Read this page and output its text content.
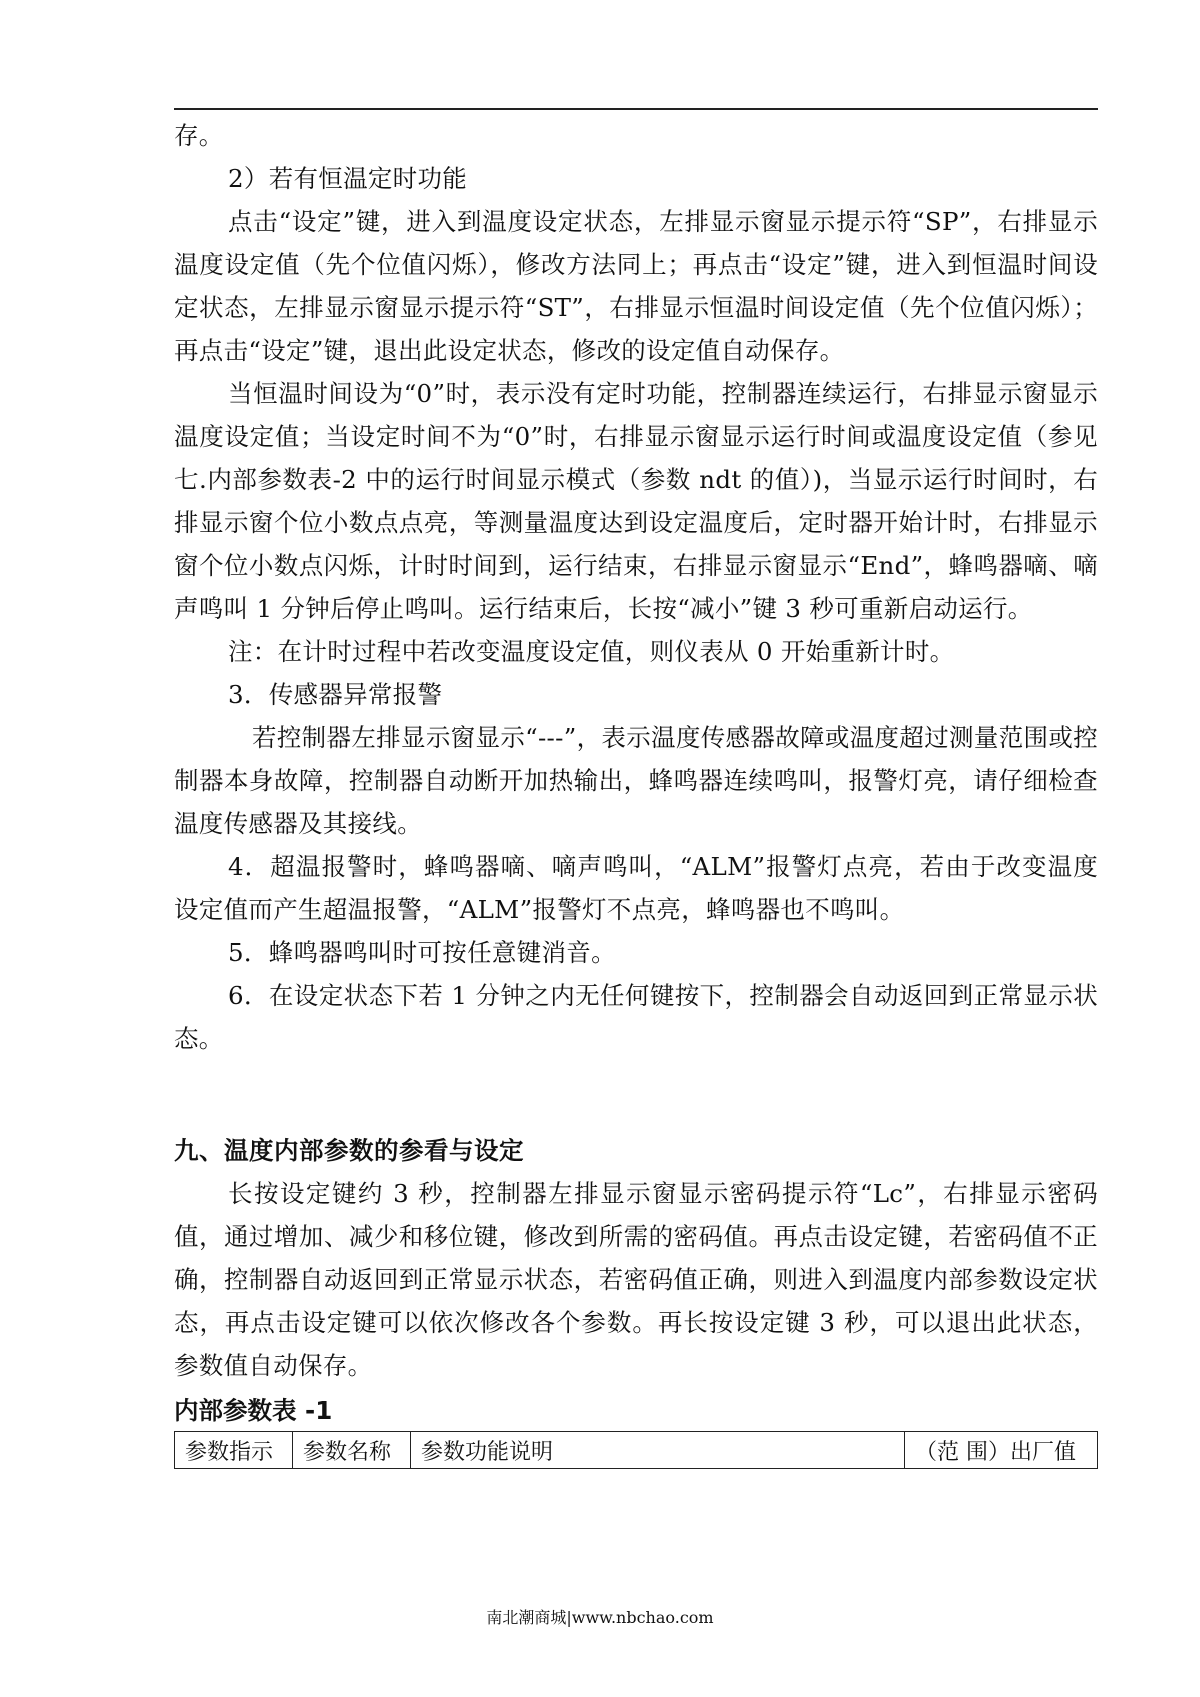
存。

2）若有恒温定时功能

点击“设定”键，进入到温度设定状态，左排显示窗显示提示符“SP”，右排显示温度设定值（先个位值闪烁），修改方法同上；再点击“设定”键，进入到恒温时间设定状态，左排显示窗显示提示符“ST”，右排显示恒温时间设定值（先个位值闪烁）；再点击“设定”键，退出此设定状态，修改的设定值自动保存。

当恒温时间设为“0”时，表示没有定时功能，控制器连续运行，右排显示窗显示温度设定值；当设定时间不为“0”时，右排显示窗显示运行时间或温度设定值（参见七.内部参数表-2 中的运行时间显示模式（参数 ndt 的值）)，当显示运行时间时，右排显示窗个位小数点点亮，等测量温度达到设定温度后，定时器开始计时，右排显示窗个位小数点闪烁，计时时间到，运行结束，右排显示窗显示“End”，蜂鸣器嘀、嘀声鸣叫 1 分钟后停止鸣叫。运行结束后，长按“减小”键 3 秒可重新启动运行。

注：在计时过程中若改变温度设定值，则仪表从 0 开始重新计时。

3．传感器异常报警

若控制器左排显示窗显示“---”，表示温度传感器故障或温度超过测量范围或控制器本身故障，控制器自动断开加热输出，蜂鸣器连续鸣叫，报警灯亮，请仔细检查温度传感器及其接线。

4．超温报警时，蜂鸣器嘀、嘀声鸣叫，“ALM”报警灯点亮，若由于改变温度设定值而产生超温报警，“ALM”报警灯不点亮，蜂鸣器也不鸣叫。

5．蜂鸣器鸣叫时可按任意键消音。

6．在设定状态下若 1 分钟之内无任何键按下，控制器会自动返回到正常显示状态。

九、温度内部参数的参看与设定

长按设定键约 3 秒，控制器左排显示窗显示密码提示符“Lc”，右排显示密码值，通过增加、减少和移位键，修改到所需的密码值。再点击设定键，若密码值不正确，控制器自动返回到正常显示状态，若密码值正确，则进入到温度内部参数设定状态，再点击设定键可以依次修改各个参数。再长按设定键 3 秒，可以退出此状态，参数值自动保存。

内部参数表 -1
参数指示	参数名称	参数功能说明	（范 围）出厂值
南北潮商城|www.nbchao.com
